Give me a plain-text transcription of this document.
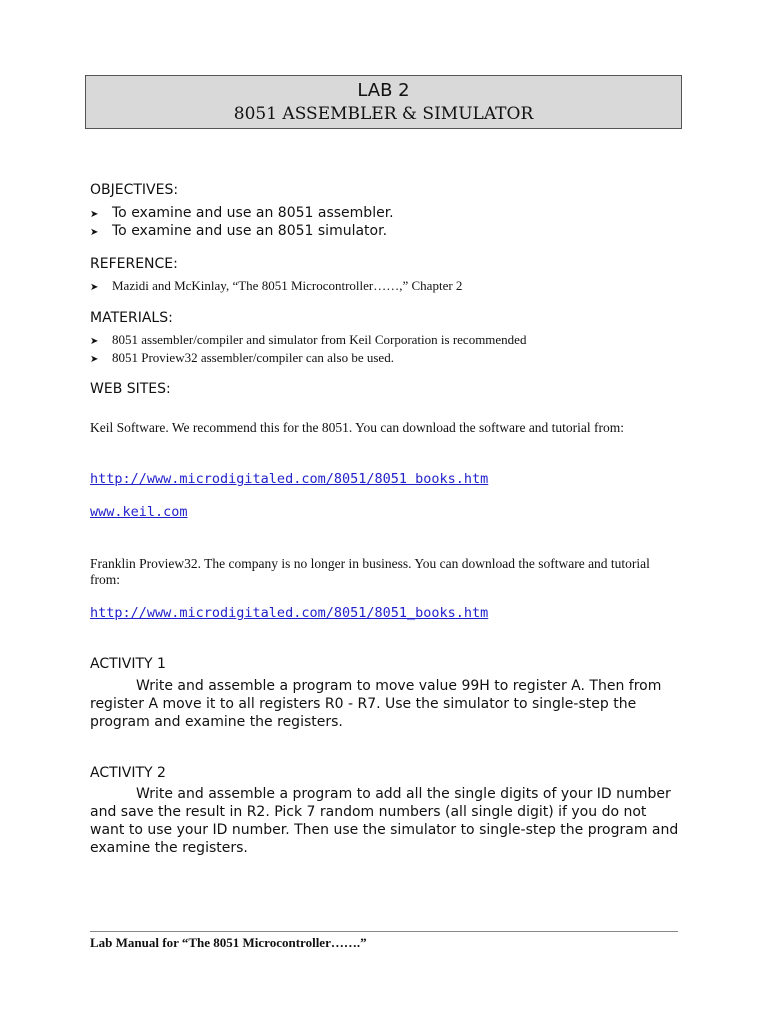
LAB 2
8051 ASSEMBLER & SIMULATOR
OBJECTIVES:
➤ To examine and use an 8051 assembler.
➤ To examine and use an 8051 simulator.
REFERENCE:
➤ Mazidi and McKinlay, “The 8051 Microcontroller……,” Chapter 2
MATERIALS:
➤ 8051 assembler/compiler and simulator from Keil Corporation is recommended
➤ 8051 Proview32 assembler/compiler can also be used.
WEB SITES:
Keil Software. We recommend this for the 8051. You can download the software and tutorial from:
http://www.microdigitaled.com/8051/8051 books.htm
www.keil.com
Franklin Proview32. The company is no longer in business. You can download the software and tutorial from:
http://www.microdigitaled.com/8051/8051_books.htm
ACTIVITY 1
Write and assemble a program to move value 99H to register A. Then from register A move it to all registers R0 - R7. Use the simulator to single-step the program and examine the registers.
ACTIVITY 2
Write and assemble a program to add all the single digits of your ID number and save the result in R2. Pick 7 random numbers (all single digit) if you do not want to use your ID number. Then use the simulator to single-step the program and examine the registers.
Lab Manual for “The 8051 Microcontroller…….”
